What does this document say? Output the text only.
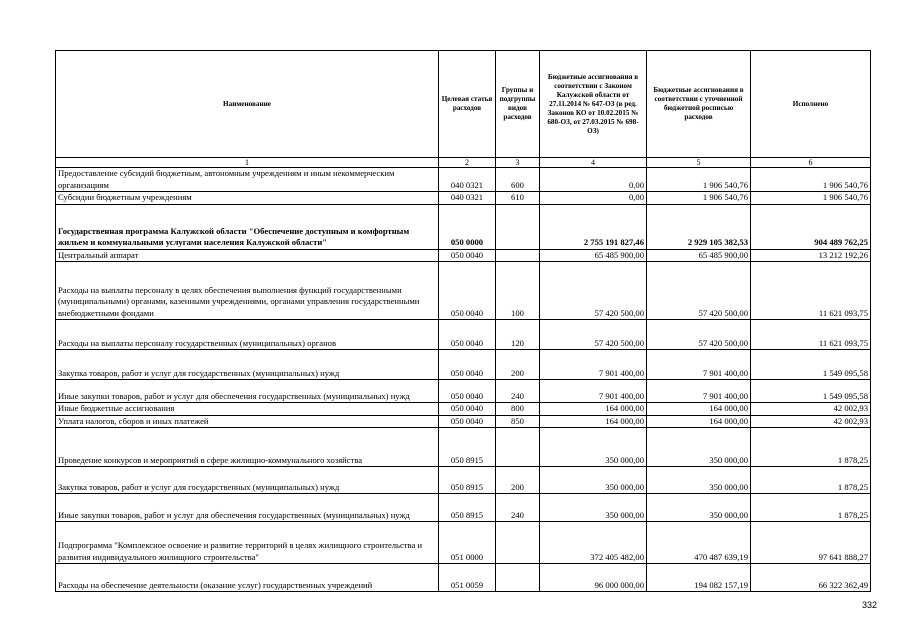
Наименование	Целевая статья расходов	Группы и подгруппы видов расходов	Бюджетные ассигнования в соответствии с Законом Калужской области от 27.11.2014 № 647-ОЗ (в ред. Законов КО от 10.02.2015 № 680-ОЗ, от 27.03.2015 № 698-ОЗ)	Бюджетные ассигнования в соответствии с уточненной бюджетной росписью расходов	Исполнено
1	2	3	4	5	6
Предоставление субсидий бюджетным, автономным учреждениям и иным некоммерческим организациям	040 0321	600	0,00	1 906 540,76	1 906 540,76
Субсидии бюджетным учреждениям	040 0321	610	0,00	1 906 540,76	1 906 540,76
Государственная программа Калужской области "Обеспечение доступным и комфортным жильем и коммунальными услугами населения Калужской области"	050 0000		2 755 191 827,46	2 929 105 382,53	904 489 762,25
Центральный аппарат	050 0040		65 485 900,00	65 485 900,00	13 212 192,26
Расходы на выплаты персоналу в целях обеспечения выполнения функций государственными (муниципальными) органами, казенными учреждениями, органами управления государственными внебюджетными фондами	050 0040	100	57 420 500,00	57 420 500,00	11 621 093,75
Расходы на выплаты персоналу государственных (муниципальных) органов	050 0040	120	57 420 500,00	57 420 500,00	11 621 093,75
Закупка товаров, работ и услуг для государственных (муниципальных) нужд	050 0040	200	7 901 400,00	7 901 400,00	1 549 095,58
Иные закупки товаров, работ и услуг для обеспечения государственных (муниципальных) нужд	050 0040	240	7 901 400,00	7 901 400,00	1 549 095,58
Иные бюджетные ассигнования	050 0040	800	164 000,00	164 000,00	42 002,93
Уплата налогов, сборов и иных платежей	050 0040	850	164 000,00	164 000,00	42 002,93
Проведение конкурсов и мероприятий в сфере жилищно-коммунального хозяйства	050 8915		350 000,00	350 000,00	1 878,25
Закупка товаров, работ и услуг для государственных (муниципальных) нужд	050 8915	200	350 000,00	350 000,00	1 878,25
Иные закупки товаров, работ и услуг для обеспечения государственных (муниципальных) нужд	050 8915	240	350 000,00	350 000,00	1 878,25
Подпрограмма "Комплексное освоение и развитие территорий в целях жилищного строительства и развития индивидуального жилищного строительства"	051 0000		372 405 482,00	470 487 639,19	97 641 888,27
Расходы на обеспечение деятельности (оказание услуг) государственных учреждений	051 0059		96 000 000,00	194 082 157,19	66 322 362,49
332
